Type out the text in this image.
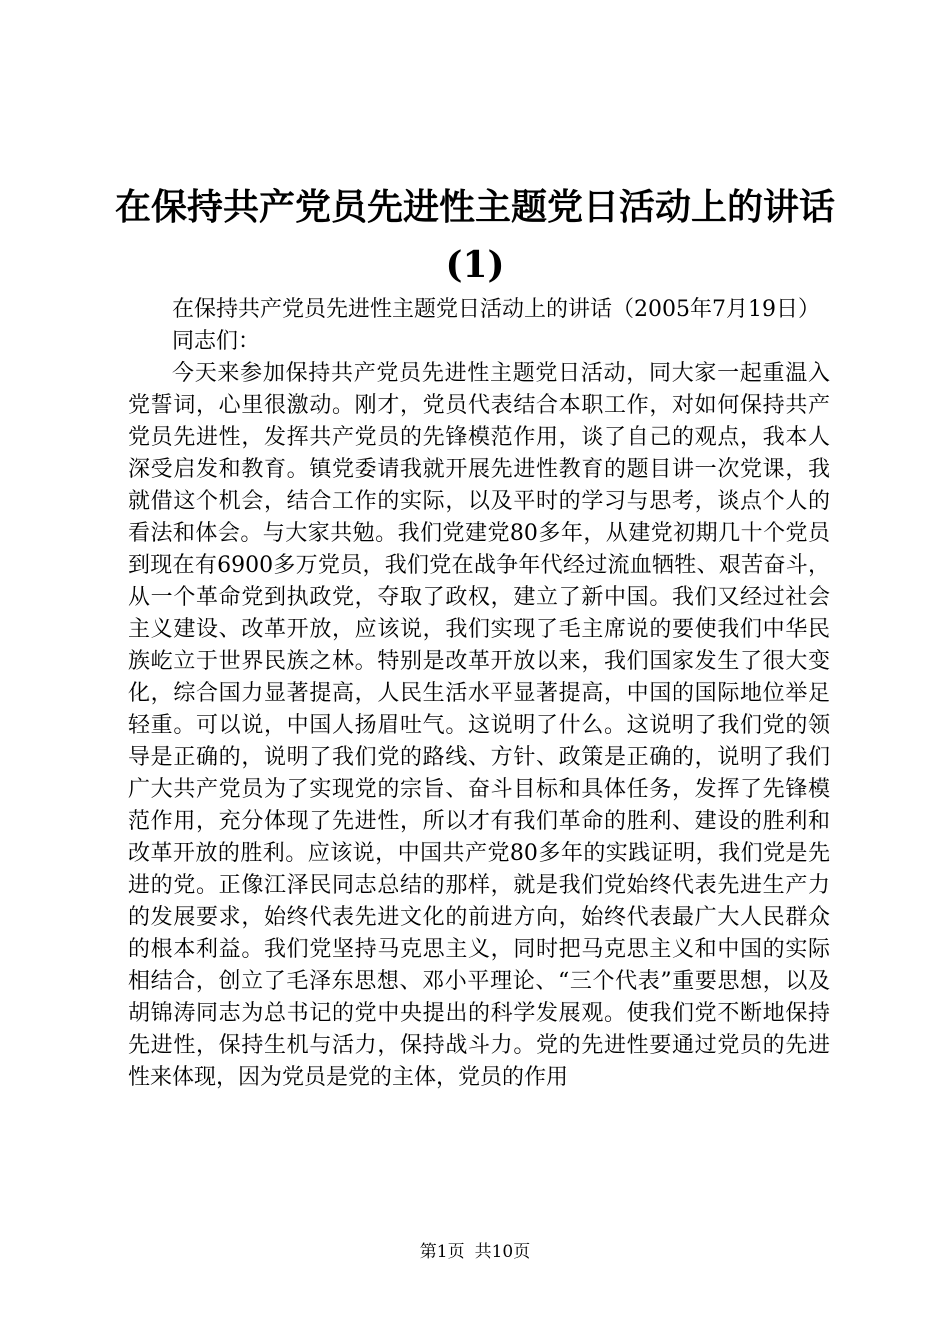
在保持共产党员先进性主题党日活动上的讲话(1)

在保持共产党员先进性主题党日活动上的讲话（2005年7月19日）

同志们：

今天来参加保持共产党员先进性主题党日活动，同大家一起重温入党誓词，心里很激动。刚才，党员代表结合本职工作，对如何保持共产党员先进性，发挥共产党员的先锋模范作用，谈了自己的观点，我本人深受启发和教育。镇党委请我就开展先进性教育的题目讲一次党课，我就借这个机会，结合工作的实际，以及平时的学习与思考，谈点个人的看法和体会。与大家共勉。我们党建党80多年，从建党初期几十个党员到现在有6900多万党员，我们党在战争年代经过流血牺牲、艰苦奋斗，从一个革命党到执政党，夺取了政权，建立了新中国。我们又经过社会主义建设、改革开放，应该说，我们实现了毛主席说的要使我们中华民族屹立于世界民族之林。特别是改革开放以来，我们国家发生了很大变化，综合国力显著提高，人民生活水平显著提高，中国的国际地位举足轻重。可以说，中国人扬眉吐气。这说明了什么。这说明了我们党的领导是正确的，说明了我们党的路线、方针、政策是正确的，说明了我们广大共产党员为了实现党的宗旨、奋斗目标和具体任务，发挥了先锋模范作用，充分体现了先进性，所以才有我们革命的胜利、建设的胜利和改革开放的胜利。应该说，中国共产党80多年的实践证明，我们党是先进的党。正像江泽民同志总结的那样，就是我们党始终代表先进生产力的发展要求，始终代表先进文化的前进方向，始终代表最广大人民群众的根本利益。我们党坚持马克思主义，同时把马克思主义和中国的实际相结合，创立了毛泽东思想、邓小平理论、“三个代表”重要思想，以及胡锦涛同志为总书记的党中央提出的科学发展观。使我们党不断地保持先进性，保持生机与活力，保持战斗力。党的先进性要通过党员的先进性来体现，因为党员是党的主体，党员的作用

第1页 共10页
